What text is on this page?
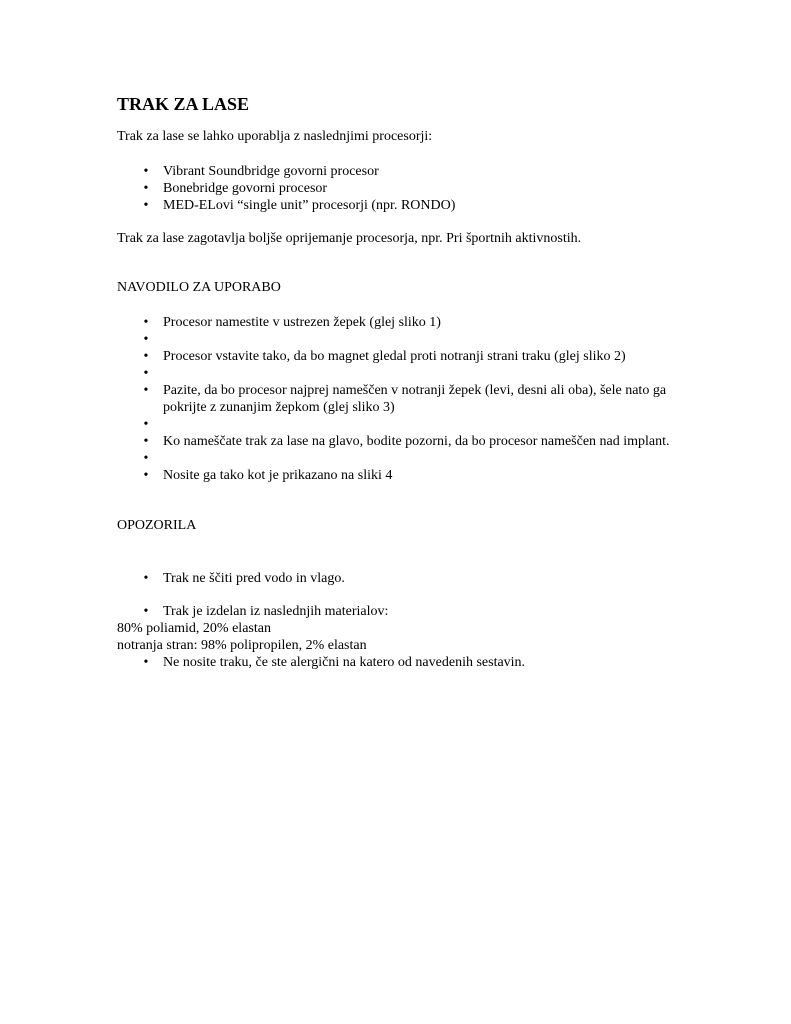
TRAK ZA LASE

Trak za lase se lahko uporablja z naslednjimi procesorji:

• Vibrant Soundbridge govorni procesor
• Bonebridge govorni procesor
• MED-ELovi “single unit” procesorji (npr. RONDO)

Trak za lase zagotavlja boljše oprijemanje procesorja, npr. Pri športnih aktivnostih.

NAVODILO ZA UPORABO

• Procesor namestite v ustrezen žepek (glej sliko 1)
•
• Procesor vstavite tako, da bo magnet gledal proti notranji strani traku (glej sliko 2)
•
• Pazite, da bo procesor najprej nameščen v notranji žepek (levi, desni ali oba), šele nato ga pokrijte z zunanjim žepkom (glej sliko 3)
•
• Ko nameščate trak za lase na glavo, bodite pozorni, da bo procesor nameščen nad implant.
•
• Nosite ga tako kot je prikazano na sliki 4

OPOZORILA

• Trak ne ščiti pred vodo in vlago.
• Trak je izdelan iz naslednjih materialov:

80% poliamid, 20% elastan

notranja stran: 98% polipropilen, 2% elastan

• Ne nosite traku, če ste alergični na katero od navedenih sestavin.
